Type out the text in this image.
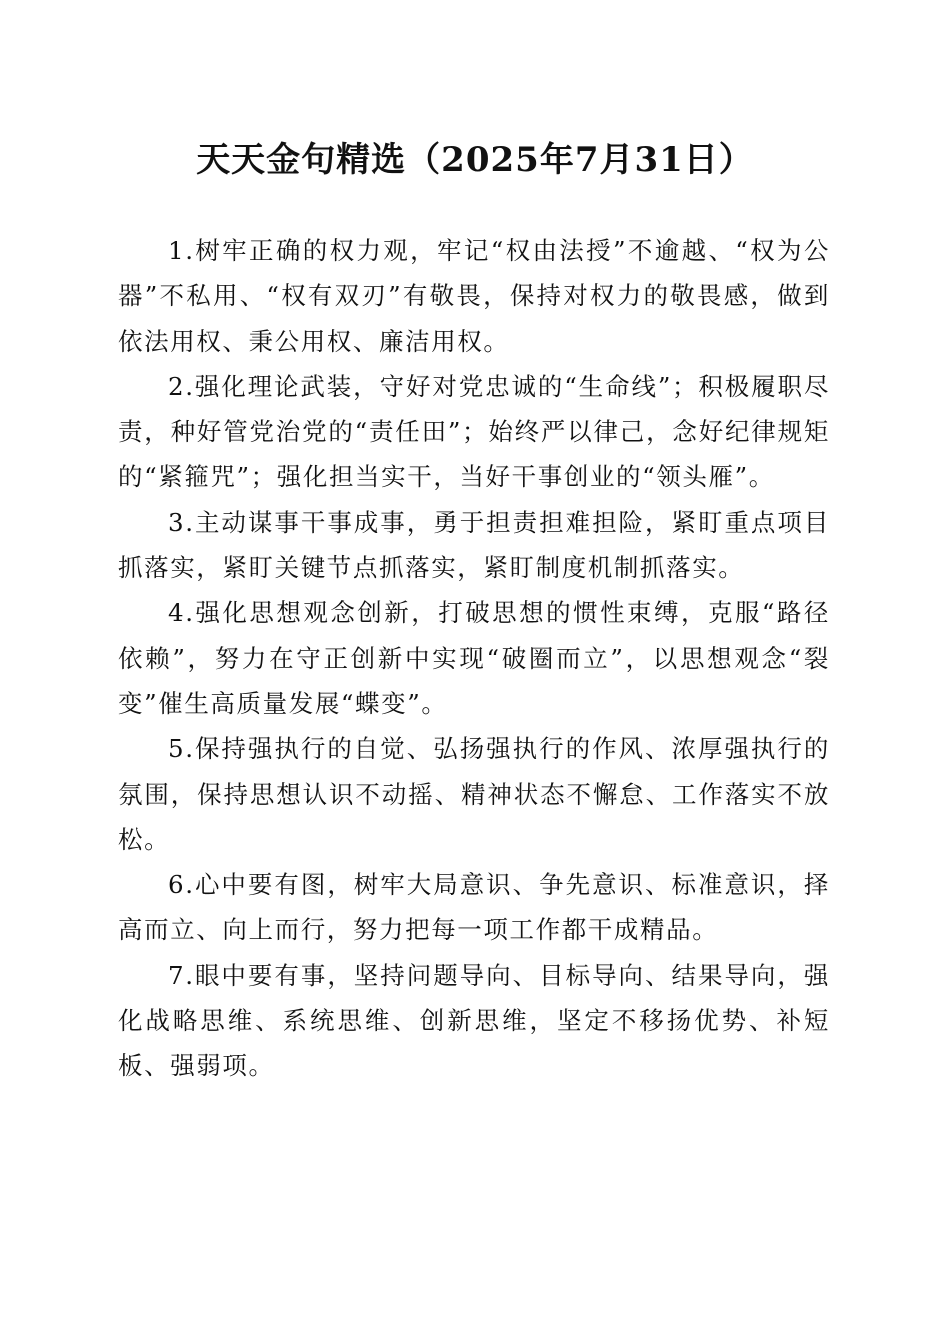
天天金句精选（2025年7月31日）

1.树牢正确的权力观，牢记“权由法授”不逾越、“权为公器”不私用、“权有双刃”有敬畏，保持对权力的敬畏感，做到依法用权、秉公用权、廉洁用权。

2.强化理论武装，守好对党忠诚的“生命线”；积极履职尽责，种好管党治党的“责任田”；始终严以律己，念好纪律规矩的“紧箍咒”；强化担当实干，当好干事创业的“领头雁”。

3.主动谋事干事成事，勇于担责担难担险，紧盯重点项目抓落实，紧盯关键节点抓落实，紧盯制度机制抓落实。

4.强化思想观念创新，打破思想的惯性束缚，克服“路径依赖”，努力在守正创新中实现“破圈而立”，以思想观念“裂变”催生高质量发展“蝶变”。

5.保持强执行的自觉、弘扬强执行的作风、浓厚强执行的氛围，保持思想认识不动摇、精神状态不懈怠、工作落实不放松。

6.心中要有图，树牢大局意识、争先意识、标准意识，择高而立、向上而行，努力把每一项工作都干成精品。

7.眼中要有事，坚持问题导向、目标导向、结果导向，强化战略思维、系统思维、创新思维，坚定不移扬优势、补短板、强弱项。
